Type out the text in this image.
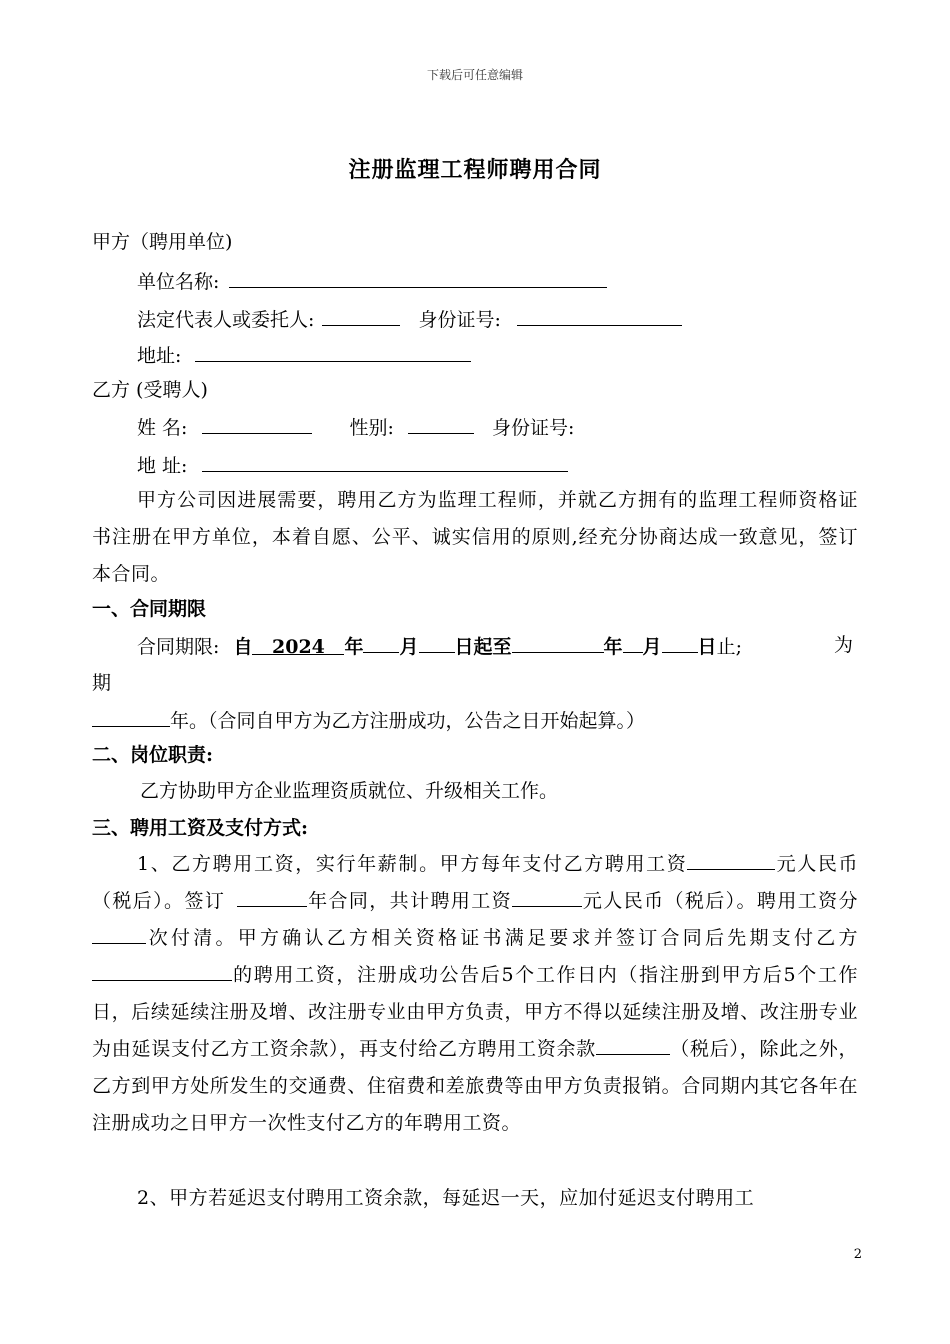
下载后可任意编辑
注册监理工程师聘用合同
甲方（聘用单位)
单位名称:
法定代表人或委托人:	身份证号:
地址:
乙方 (受聘人)
姓 名:	性别:	身份证号:
地 址:
甲方公司因进展需要，聘用乙方为监理工程师，并就乙方拥有的监理工程师资格证书注册在甲方单位，本着自愿、公平、诚实信用的原则,经充分协商达成一致意见，签订本合同。
一、合同期限
合同期限: 自 2024 年 月 日起至	年 月 日止;	为
期
年。（合同自甲方为乙方注册成功，公告之日开始起算。）
二、岗位职责:
乙方协助甲方企业监理资质就位、升级相关工作。
三、聘用工资及支付方式:
1、乙方聘用工资，实行年薪制。甲方每年支付乙方聘用工资	元人民币（税后）。签订	年合同，共计聘用工资	元人民币（税后）。聘用工资分次付清。甲方确认乙方相关资格证书满足要求并签订合同后先期支付乙方的聘用工资，注册成功公告后5个工作日内（指注册到甲方后5个工作日，后续延续注册及增、改注册专业由甲方负责，甲方不得以延续注册及增、改注册专业为由延误支付乙方工资余款），再支付给乙方聘用工资余款	（税后），除此之外，乙方到甲方处所发生的交通费、住宿费和差旅费等由甲方负责报销。合同期内其它各年在注册成功之日甲方一次性支付乙方的年聘用工资。
2、甲方若延迟支付聘用工资余款，每延迟一天，应加付延迟支付聘用工
2
